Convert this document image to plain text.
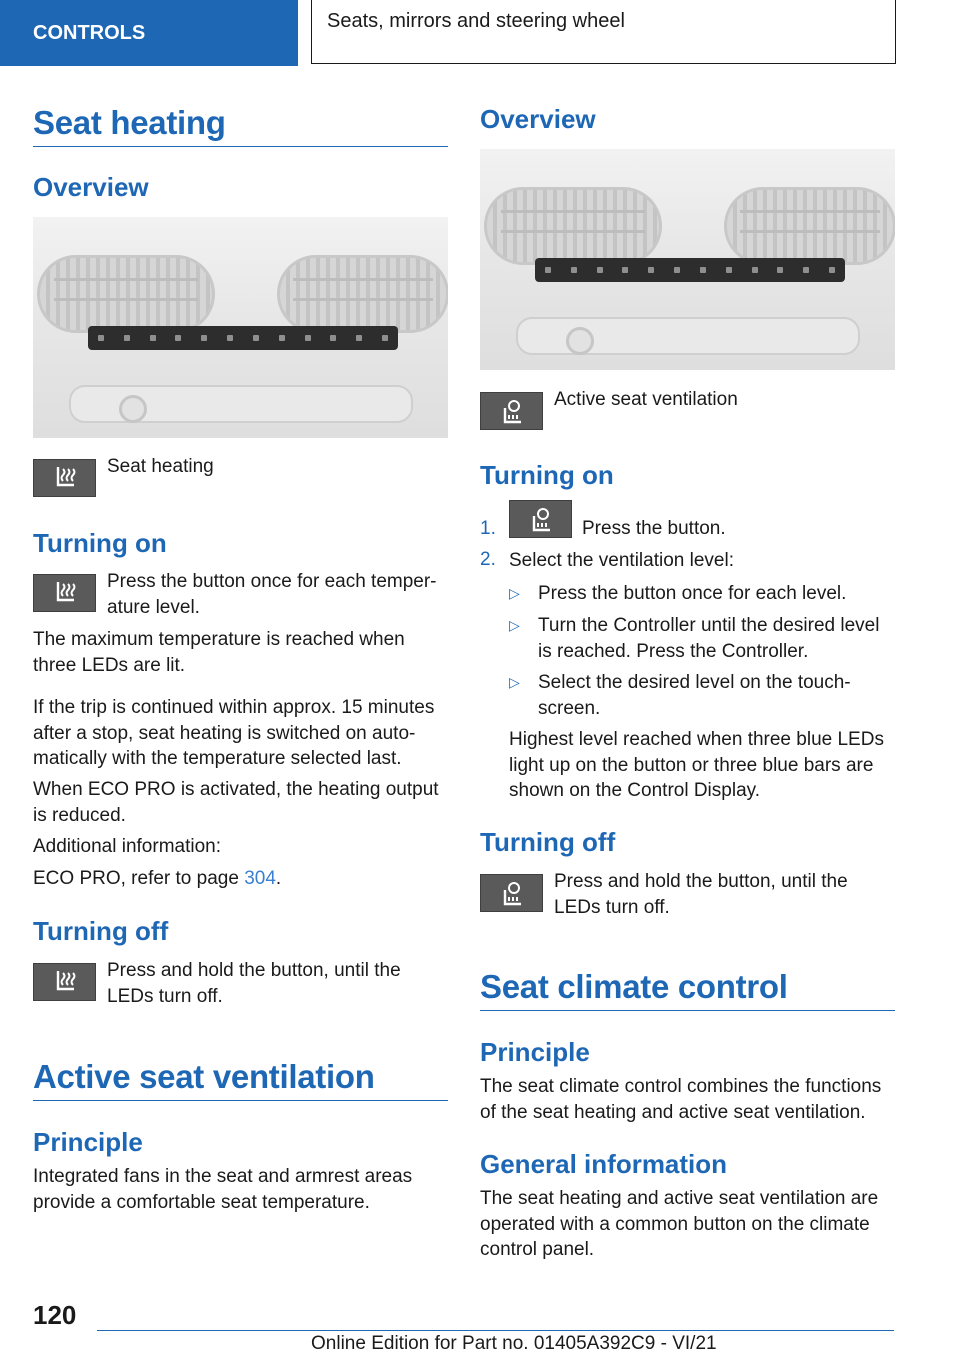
CONTROLS
Seats, mirrors and steering wheel
Seat heating
Overview
Seat heating
Turning on
Press the button once for each temper-ature level.

The maximum temperature is reached when three LEDs are lit.

If the trip is continued within approx. 15 minutes after a stop, seat heating is switched on auto-matically with the temperature selected last.

When ECO PRO is activated, the heating output is reduced.

Additional information:

ECO PRO, refer to page 304.

Turning off
Press and hold the button, until the LEDs turn off.
Active seat ventilation
Principle

Integrated fans in the seat and armrest areas provide a comfortable seat temperature.

Overview
Active seat ventilation
Turning on
1.	Press the button.

2. Select the ventilation level:

▷ Press the button once for each level.

▷ Turn the Controller until the desired level is reached. Press the Controller.

▷ Select the desired level on the touch-screen.

Highest level reached when three blue LEDs light up on the button or three blue bars are shown on the Control Display.

Turning off
Press and hold the button, until the LEDs turn off.
Seat climate control
Principle

The seat climate control combines the functions of the seat heating and active seat ventilation.

General information

The seat heating and active seat ventilation are operated with a common button on the climate control panel.

120
Online Edition for Part no. 01405A392C9 - VI/21
